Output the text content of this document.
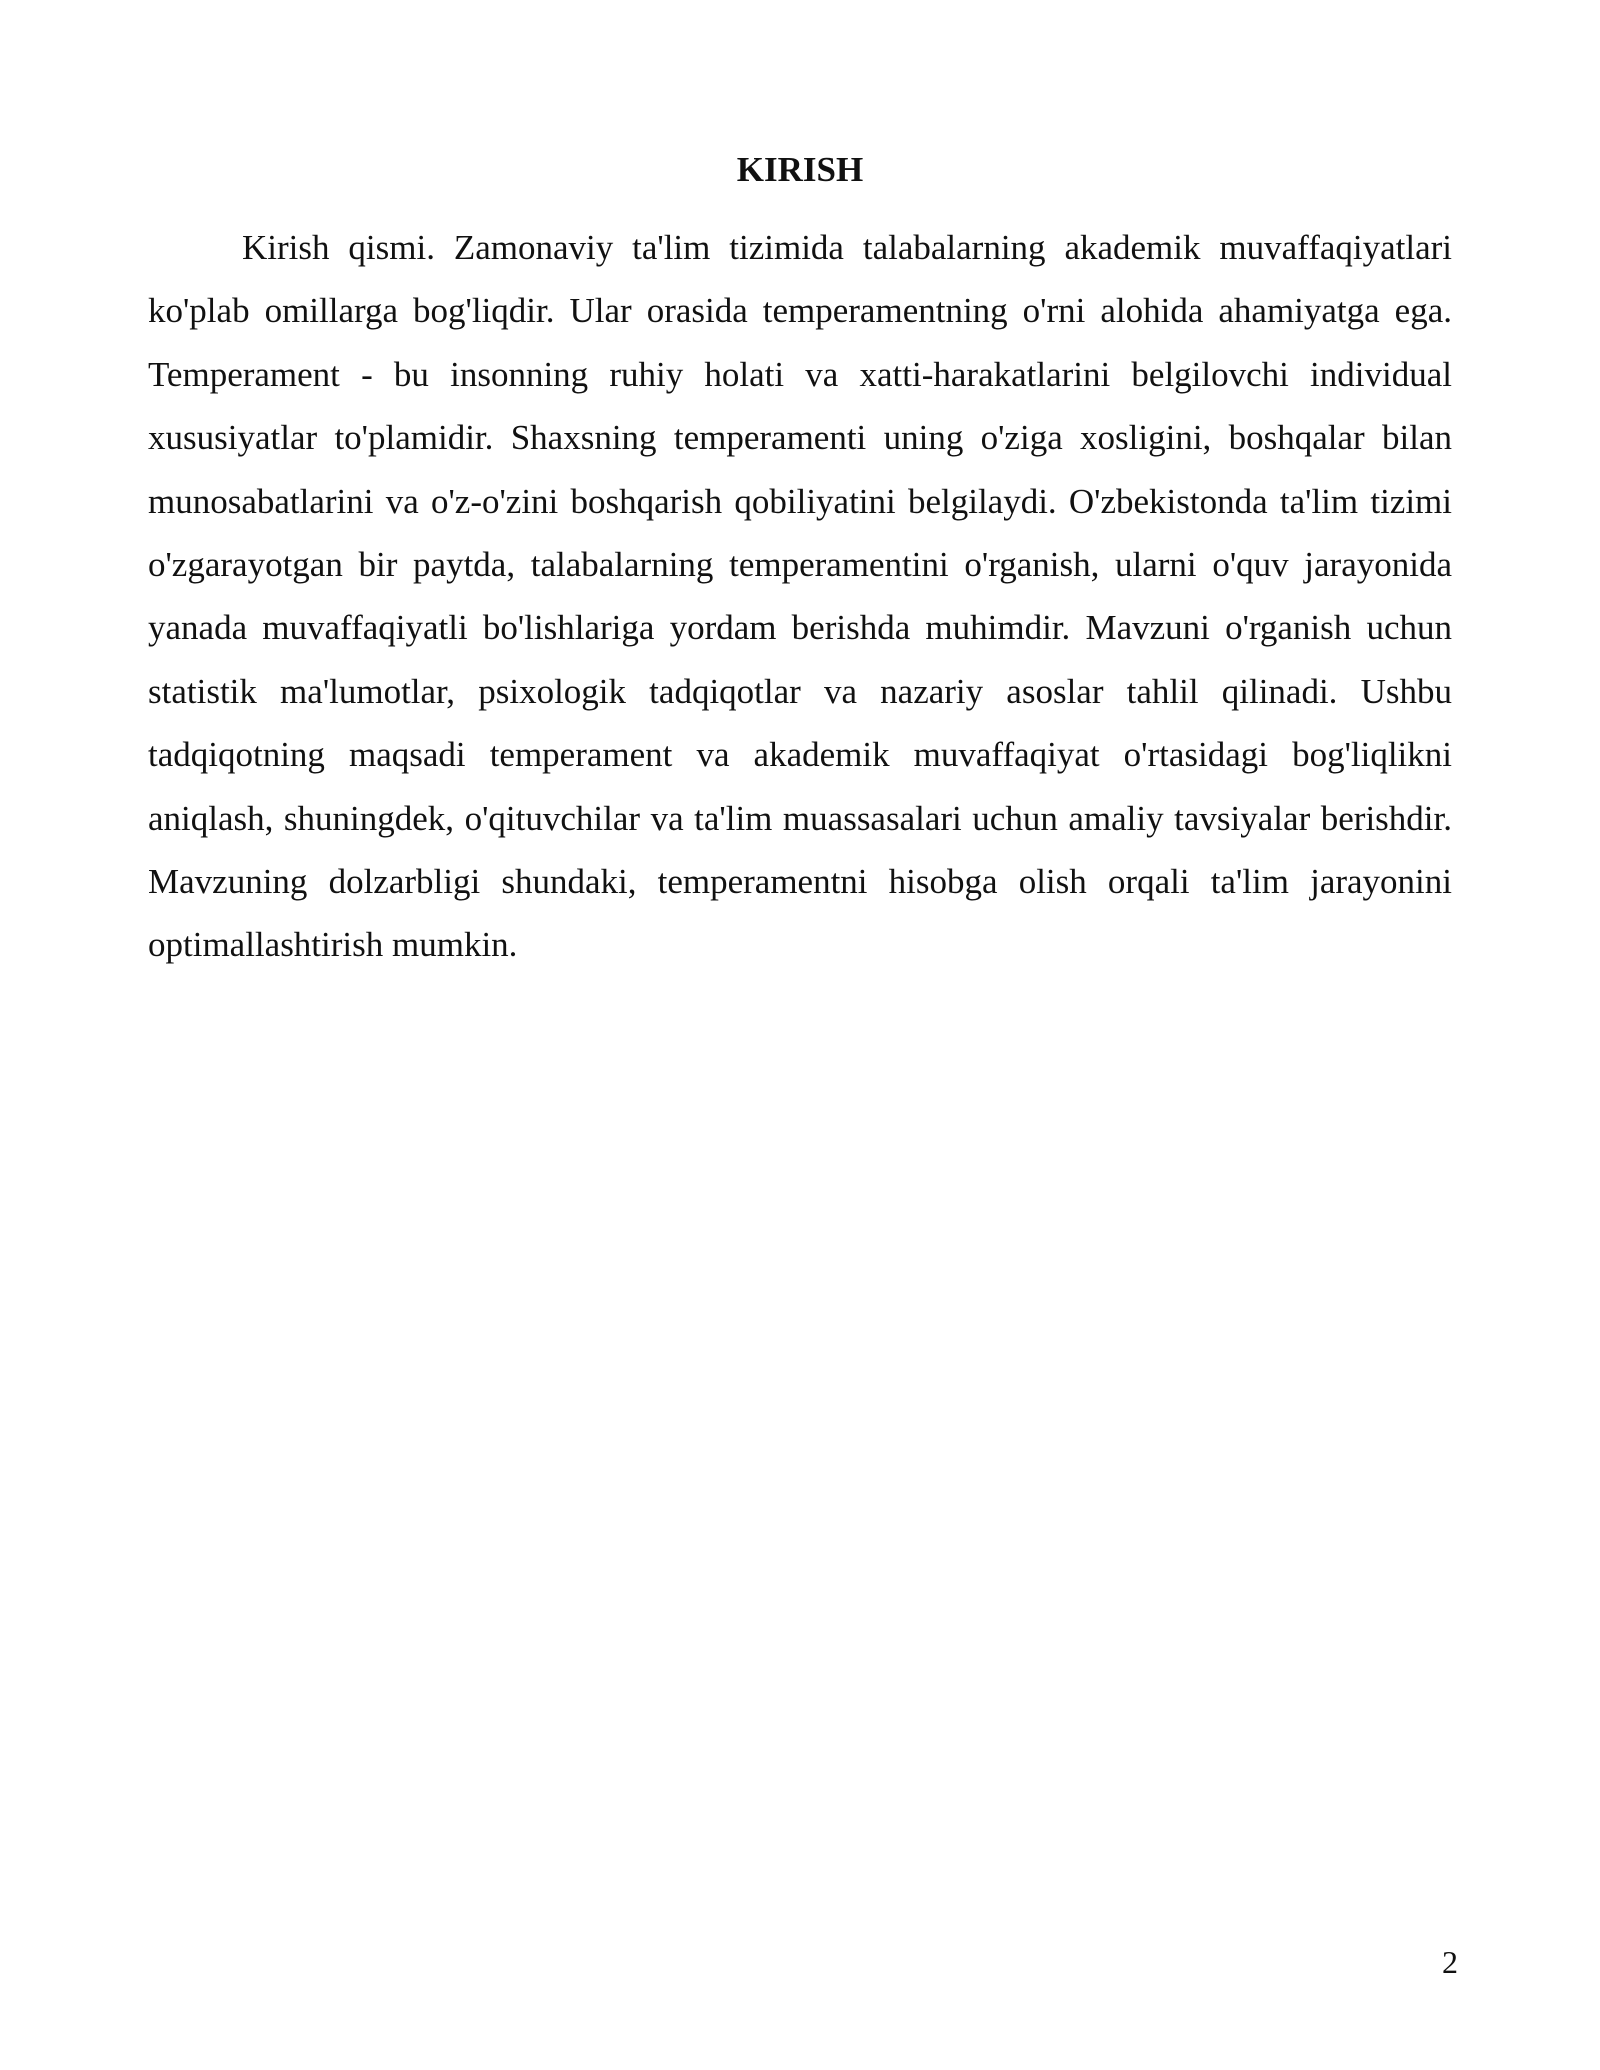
KIRISH

Kirish qismi. Zamonaviy ta'lim tizimida talabalarning akademik muvaffaqiyatlari ko'plab omillarga bog'liqdir. Ular orasida temperamentning o'rni alohida ahamiyatga ega. Temperament - bu insonning ruhiy holati va xatti-harakatlarini belgilovchi individual xususiyatlar to'plamidir. Shaxsning temperamenti uning o'ziga xosligini, boshqalar bilan munosabatlarini va o'z-o'zini boshqarish qobiliyatini belgilaydi. O'zbekistonda ta'lim tizimi o'zgarayotgan bir paytda, talabalarning temperamentini o'rganish, ularni o'quv jarayonida yanada muvaffaqiyatli bo'lishlariga yordam berishda muhimdir. Mavzuni o'rganish uchun statistik ma'lumotlar, psixologik tadqiqotlar va nazariy asoslar tahlil qilinadi. Ushbu tadqiqotning maqsadi temperament va akademik muvaffaqiyat o'rtasidagi bog'liqlikni aniqlash, shuningdek, o'qituvchilar va ta'lim muassasalari uchun amaliy tavsiyalar berishdir. Mavzuning dolzarbligi shundaki, temperamentni hisobga olish orqali ta'lim jarayonini optimallashtirish mumkin.

2
